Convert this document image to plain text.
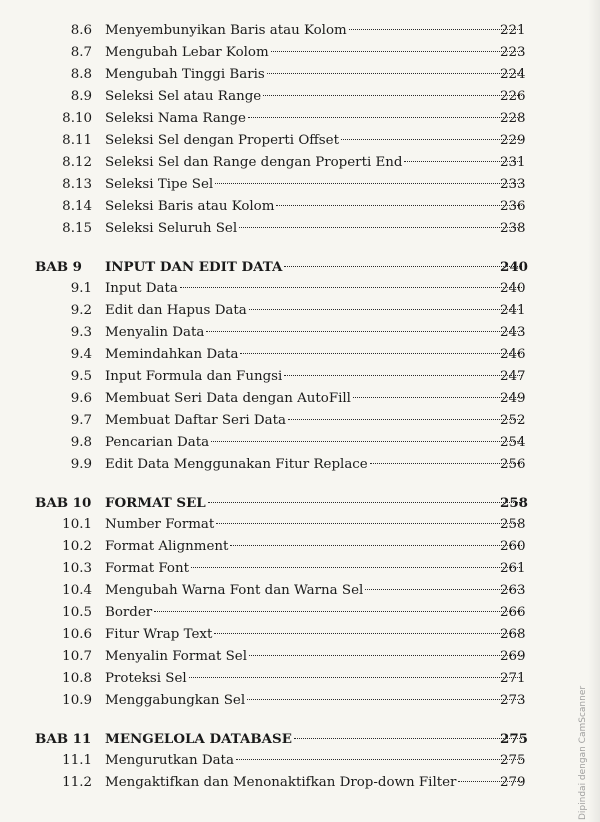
8.6 Menyembunyikan Baris atau Kolom	221
8.7 Mengubah Lebar Kolom	223
8.8 Mengubah Tinggi Baris	224
8.9 Seleksi Sel atau Range	226
8.10 Seleksi Nama Range	228
8.11 Seleksi Sel dengan Properti Offset	229
8.12 Seleksi Sel dan Range dengan Properti End	231
8.13 Seleksi Tipe Sel	233
8.14 Seleksi Baris atau Kolom	236
8.15 Seleksi Seluruh Sel	238
BAB 9 INPUT DAN EDIT DATA	240
9.1 Input Data	240
9.2 Edit dan Hapus Data	241
9.3 Menyalin Data	243
9.4 Memindahkan Data	246
9.5 Input Formula dan Fungsi	247
9.6 Membuat Seri Data dengan AutoFill	249
9.7 Membuat Daftar Seri Data	252
9.8 Pencarian Data	254
9.9 Edit Data Menggunakan Fitur Replace	256
BAB 10 FORMAT SEL	258
10.1 Number Format	258
10.2 Format Alignment	260
10.3 Format Font	261
10.4 Mengubah Warna Font dan Warna Sel	263
10.5 Border	266
10.6 Fitur Wrap Text	268
10.7 Menyalin Format Sel	269
10.8 Proteksi Sel	271
10.9 Menggabungkan Sel	273
BAB 11 MENGELOLA DATABASE	275
11.1 Mengurutkan Data	275
11.2 Mengaktifkan dan Menonaktifkan Drop-down Filter	279	Dipindai dengan CamScanner
